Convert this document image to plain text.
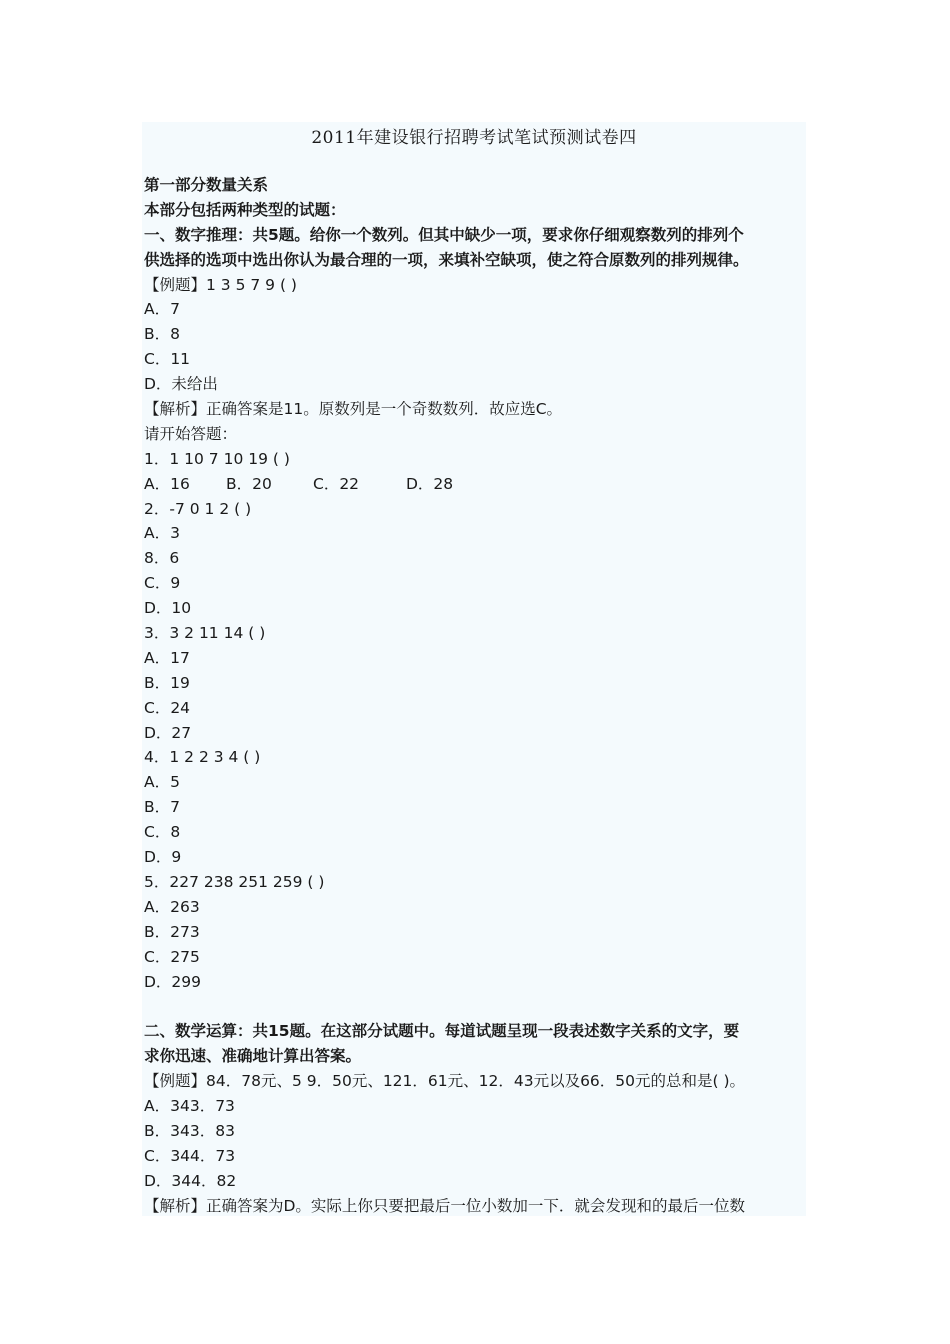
2011年建设银行招聘考试笔试预测试卷四
第一部分数量关系
本部分包括两种类型的试题：
一、数字推理：共5题。给你一个数列。但其中缺少一项，要求你仔细观察数列的排列个
供选择的选项中选出你认为最合理的一项，来填补空缺项，使之符合原数列的排列规律。
【例题】1 3 5 7 9 ( )
A．7
B．8
C．11
D．未给出
【解析】正确答案是11。原数列是一个奇数数列．故应选C。
请开始答题：
1．1 10 7 10 19 ( )
A．16	B．20	C．22	D．28
2．-7 0 1 2 ( )
A．3
8．6
C．9
D．10
3．3 2 11 14 ( )
A．17
B．19
C．24
D．27
4．1 2 2 3 4 ( )
A．5
B．7
C．8
D．9
5．227 238 251 259 ( )
A．263
B．273
C．275
D．299
二、数学运算：共15题。在这部分试题中。每道试题呈现一段表述数字关系的文字，要
求你迅速、准确地计算出答案。
【例题】84．78元、5 9．50元、121．61元、12．43元以及66．50元的总和是( )。
A．343．73
B．343．83
C．344．73
D．344．82
【解析】正确答案为D。实际上你只要把最后一位小数加一下．就会发现和的最后一位数
